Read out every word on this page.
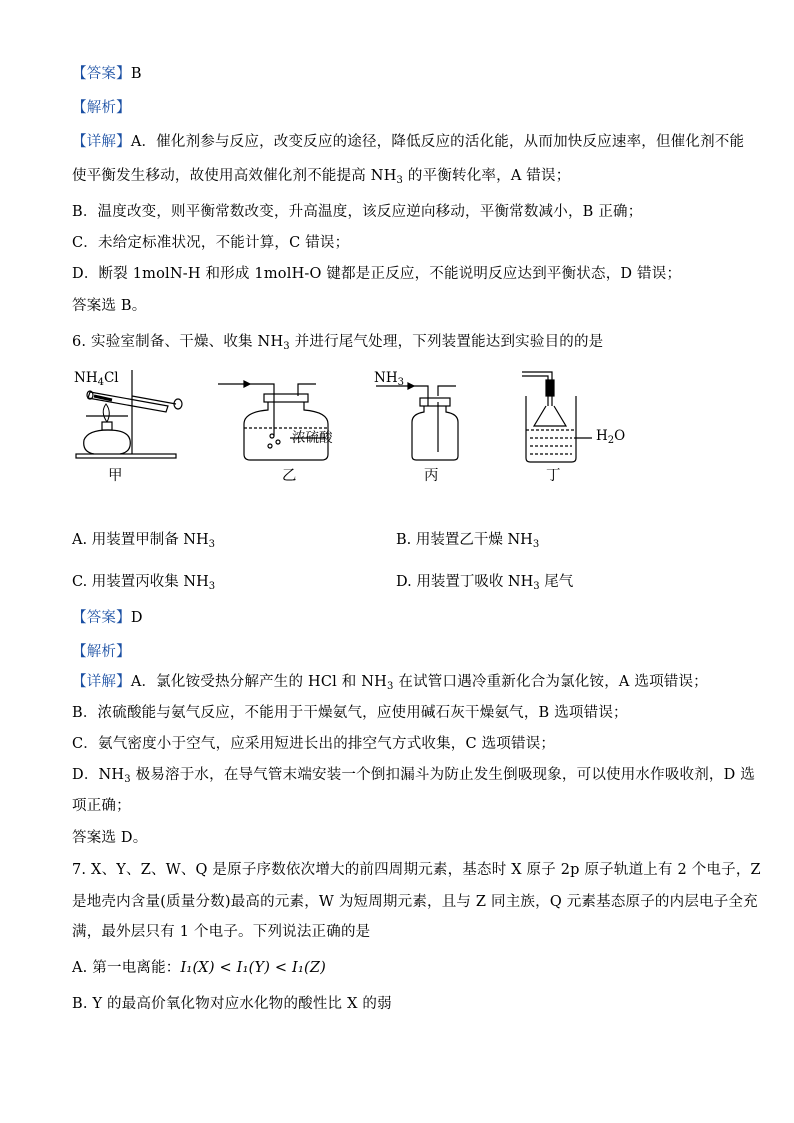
【答案】B
【解析】
【详解】A．催化剂参与反应，改变反应的途径，降低反应的活化能，从而加快反应速率，但催化剂不能
使平衡发生移动，故使用高效催化剂不能提高 $NH_3$ 的平衡转化率，A 错误；
B．温度改变，则平衡常数改变，升高温度，该反应逆向移动，平衡常数减小，B 正确；
C．未给定标准状况，不能计算，C 错误；
D．断裂 1molN-H 和形成 1molH-O 键都是正反应，不能说明反应达到平衡状态，D 错误；
答案选 B。
6. 实验室制备、干燥、收集 $NH_3$ 并进行尾气处理，下列装置能达到实验目的的是
$NH_4Cl$
甲
浓硫酸
乙
$NH_3$
丙
$H_2O$
丁
A. 用装置甲制备 $NH_3$	B. 用装置乙干燥 $NH_3$
C. 用装置丙收集 $NH_3$	D. 用装置丁吸收 $NH_3$ 尾气
【答案】D
【解析】
【详解】A．氯化铵受热分解产生的 HCl 和 $NH_3$ 在试管口遇冷重新化合为氯化铵，A 选项错误；
B．浓硫酸能与氨气反应，不能用于干燥氨气，应使用碱石灰干燥氨气，B 选项错误；
C．氨气密度小于空气，应采用短进长出的排空气方式收集，C 选项错误；
D．$NH_3$ 极易溶于水，在导气管末端安装一个倒扣漏斗为防止发生倒吸现象，可以使用水作吸收剂，D 选
项正确；
答案选 D。
7. X、Y、Z、W、Q 是原子序数依次增大的前四周期元素，基态时 X 原子 2p 原子轨道上有 2 个电子，Z
是地壳内含量(质量分数)最高的元素，W 为短周期元素，且与 Z 同主族，Q 元素基态原子的内层电子全充
满，最外层只有 1 个电子。下列说法正确的是
A. 第一电离能：I₁(X) < I₁(Y) < I₁(Z)
B. Y 的最高价氧化物对应水化物的酸性比 X 的弱
